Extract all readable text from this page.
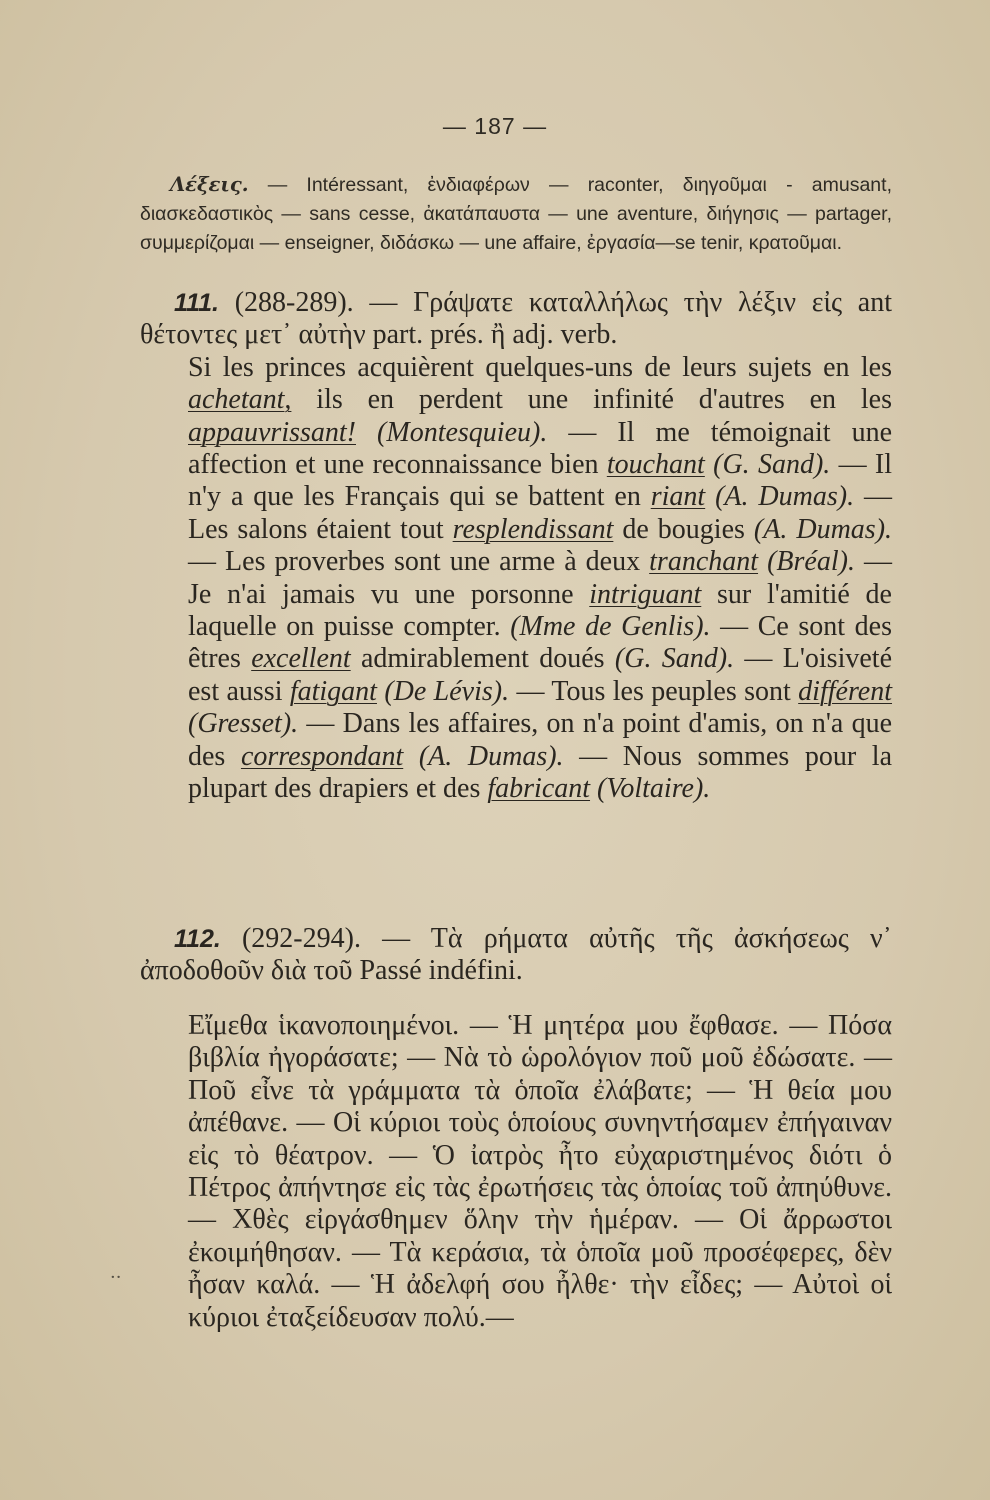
— 187 —
Λέξεις. — Intéressant, ἐνδιαφέρων — raconter, διηγοῦμαι - amusant, διασκεδαστικὸς — sans cesse, ἀκατάπαυστα — une aventure, διήγησις — partager, συμμερίζομαι — enseigner, διδάσκω — une affaire, ἐργασία—se tenir, κρατοῦμαι.
111. (288-289). — Γράψατε καταλλήλως τὴν λέξιν εἰς ant θέτοντες μετ᾽ αὐτὴν part. prés. ἢ adj. verb.
Si les princes acquièrent quelques-uns de leurs sujets en les achetant, ils en perdent une infinité d'autres en les appauvrissant! (Montesquieu). — Il me témoignait une affection et une reconnaissance bien touchant (G. Sand). — Il n'y a que les Français qui se battent en riant (A. Dumas). — Les salons étaient tout resplendissant de bougies (A. Dumas). — Les proverbes sont une arme à deux tranchant (Bréal). — Je n'ai jamais vu une porsonne intriguant sur l'amitié de laquelle on puisse compter. (Mme de Genlis). — Ce sont des êtres excellent admirablement doués (G. Sand). — L'oisiveté est aussi fatigant (De Lévis). — Tous les peuples sont différent (Gresset). — Dans les affaires, on n'a point d'amis, on n'a que des correspondant (A. Dumas). — Nous sommes pour la plupart des drapiers et des fabricant (Voltaire).
112. (292-294). — Τὰ ρήματα αὐτῆς τῆς ἀσκήσεως ν᾽ ἀποδοθοῦν διὰ τοῦ Passé indéfini.
Εἴμεθα ἱκανοποιημένοι. — Ἡ μητέρα μου ἔφθασε. — Πόσα βιβλία ἠγοράσατε; — Νὰ τὸ ὡρολόγιον ποῦ μοῦ ἐδώσατε. — Ποῦ εἶνε τὰ γράμματα τὰ ὁποῖα ἐλάβατε; — Ἡ θεία μου ἀπέθανε. — Οἱ κύριοι τοὺς ὁποίους συνηντήσαμεν ἐπήγαιναν εἰς τὸ θέατρον. — Ὁ ἰατρὸς ἦτο εὐχαριστημένος διότι ὁ Πέτρος ἀπήντησε εἰς τὰς ἐρωτήσεις τὰς ὁποίας τοῦ ἀπηύθυνε. — Χθὲς εἰργάσθημεν ὅλην τὴν ἡμέραν. — Οἱ ἄρρωστοι ἐκοιμήθησαν. — Τὰ κεράσια, τὰ ὁποῖα μοῦ προσέφερες, δὲν ἦσαν καλά. — Ἡ ἀδελφή σου ἦλθε· τὴν εἶδες; — Αὐτοὶ οἱ κύριοι ἐταξείδευσαν πολύ.—
··
